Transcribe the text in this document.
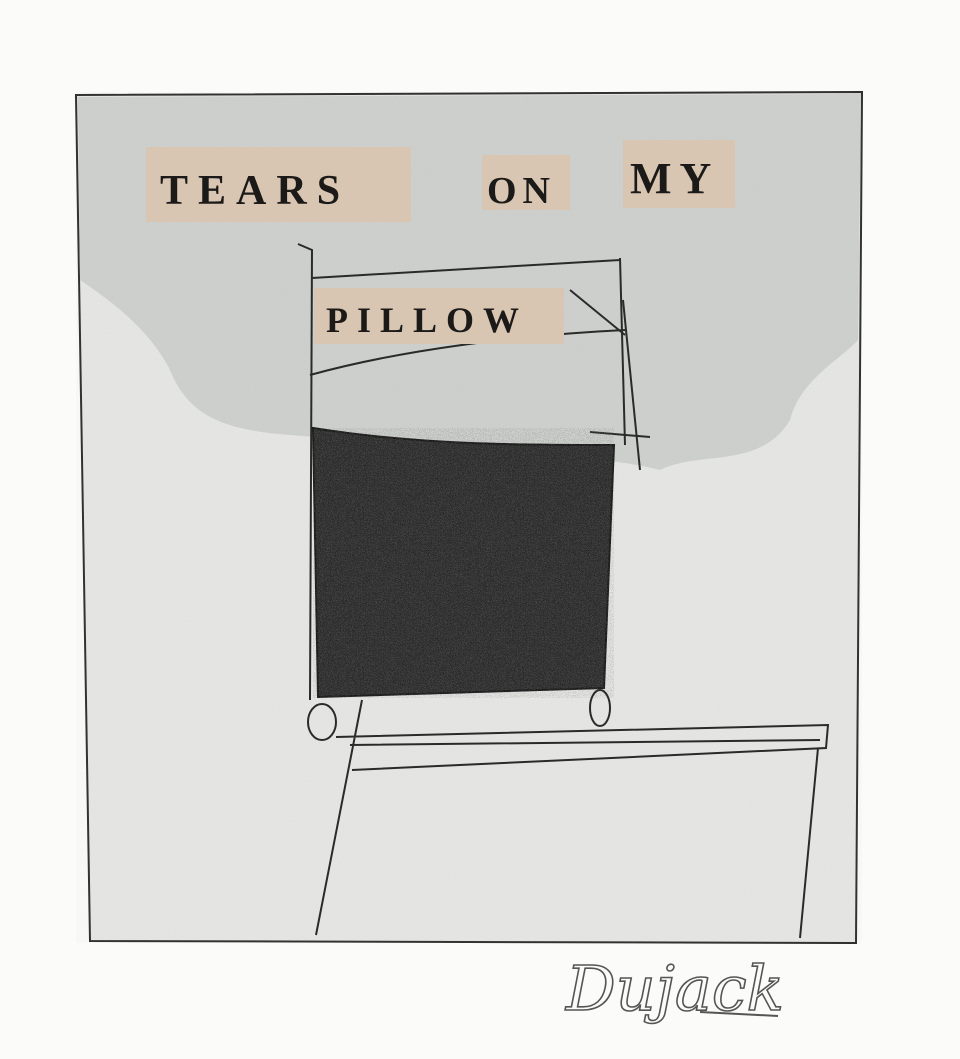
TEARS	ON MY
PILLOW
Dujack
